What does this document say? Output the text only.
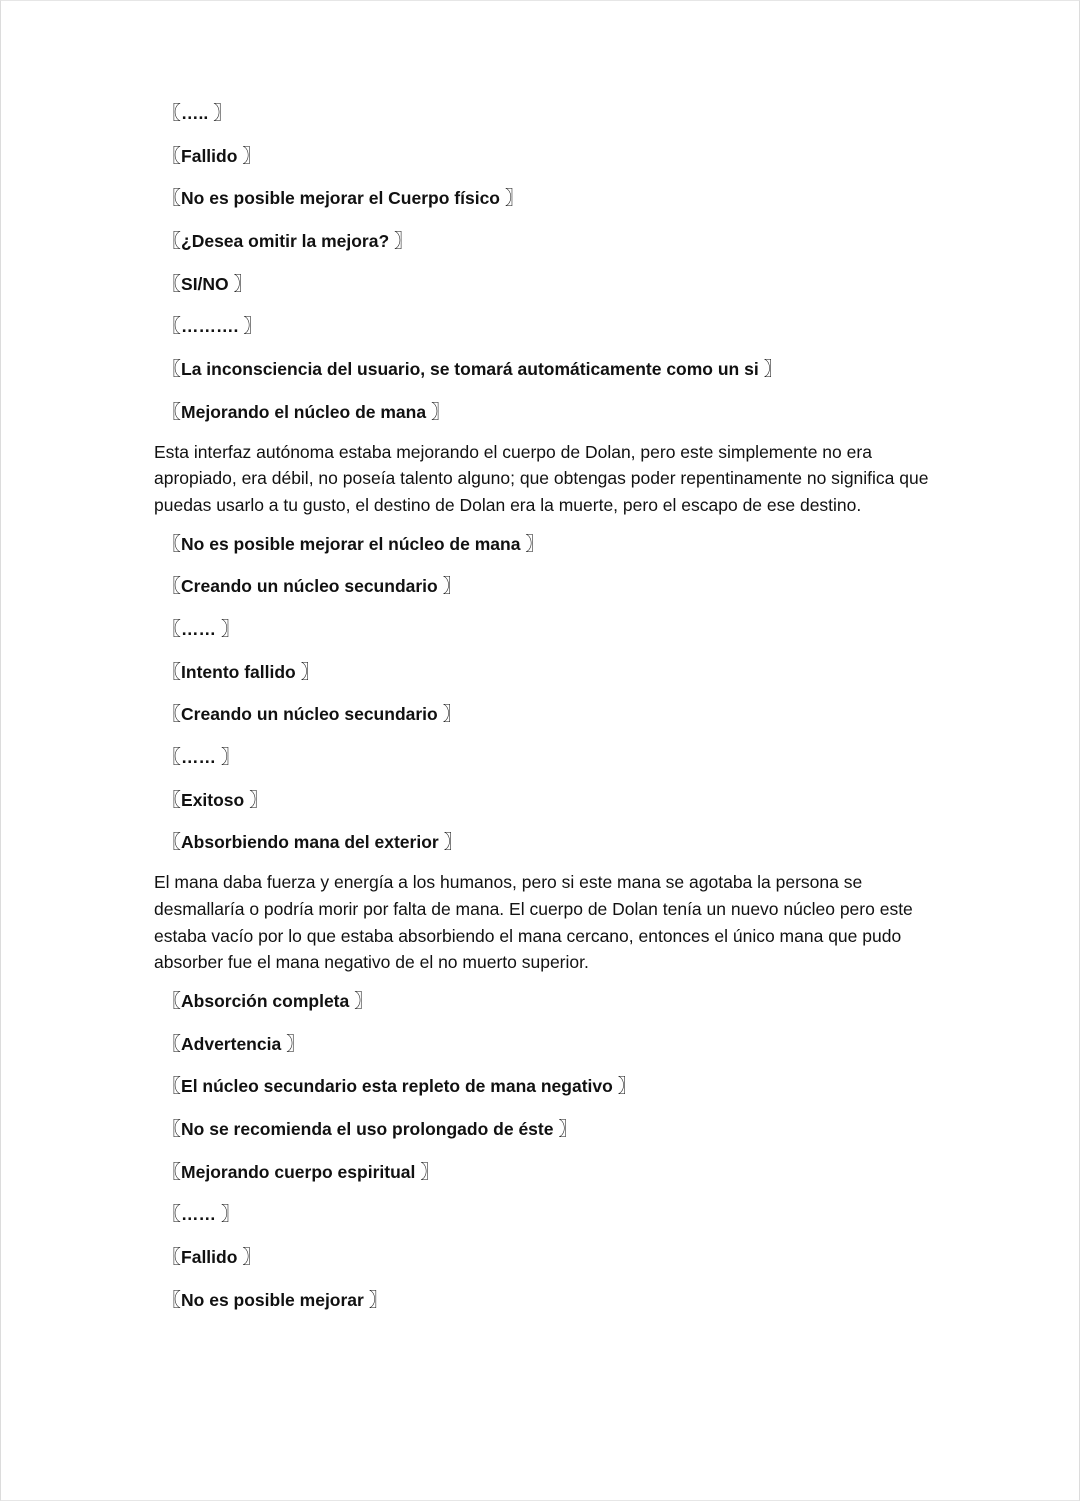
〖….. 〗
〖Fallido 〗
〖No es posible mejorar el Cuerpo físico 〗
〖¿Desea omitir la mejora? 〗
〖SI/NO 〗
〖………. 〗
〖La inconsciencia del usuario, se tomará automáticamente como un si 〗
〖Mejorando el núcleo de mana 〗

Esta interfaz autónoma estaba mejorando el cuerpo de Dolan, pero este simplemente no era apropiado, era débil, no poseía talento alguno; que obtengas poder repentinamente no significa que puedas usarlo a tu gusto, el destino de Dolan era la muerte, pero el escapo de ese destino.

〖No es posible mejorar el núcleo de mana 〗
〖Creando un núcleo secundario 〗
〖…… 〗
〖Intento fallido 〗
〖Creando un núcleo secundario 〗
〖…… 〗
〖Exitoso 〗
〖Absorbiendo mana del exterior 〗

El mana daba fuerza y energía a los humanos, pero si este mana se agotaba la persona se desmallaría o podría morir por falta de mana. El cuerpo de Dolan tenía un nuevo núcleo pero este estaba vacío por lo que estaba absorbiendo el mana cercano, entonces el único mana que pudo absorber fue el mana negativo de el no muerto superior.

〖Absorción completa 〗
〖Advertencia 〗
〖El núcleo secundario esta repleto de mana negativo 〗
〖No se recomienda el uso prolongado de éste 〗
〖Mejorando cuerpo espiritual 〗
〖…… 〗
〖Fallido 〗
〖No es posible mejorar 〗
